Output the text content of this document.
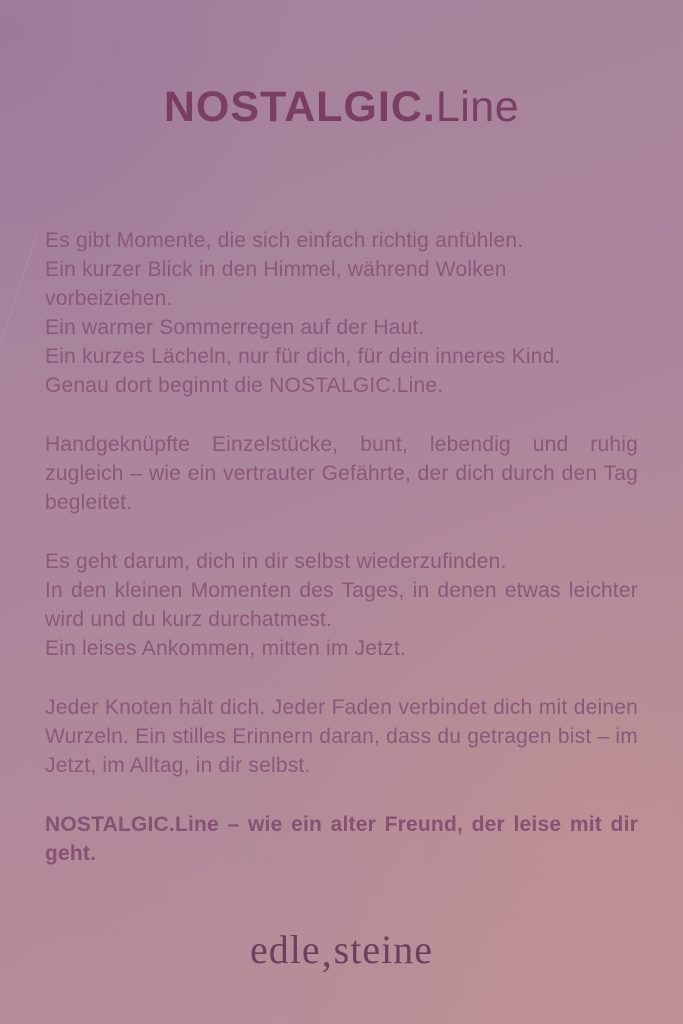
NOSTALGIC.Line

Es gibt Momente, die sich einfach richtig anfühlen.
Ein kurzer Blick in den Himmel, während Wolken vorbeiziehen.
Ein warmer Sommerregen auf der Haut.
Ein kurzes Lächeln, nur für dich, für dein inneres Kind.
Genau dort beginnt die NOSTALGIC.Line.

Handgeknüpfte Einzelstücke, bunt, lebendig und ruhig zugleich – wie ein vertrauter Gefährte, der dich durch den Tag begleitet.

Es geht darum, dich in dir selbst wiederzufinden.
In den kleinen Momenten des Tages, in denen etwas leichter wird und du kurz durchatmest.
Ein leises Ankommen, mitten im Jetzt.

Jeder Knoten hält dich. Jeder Faden verbindet dich mit deinen Wurzeln. Ein stilles Erinnern daran, dass du getragen bist – im Jetzt, im Alltag, in dir selbst.

NOSTALGIC.Line – wie ein alter Freund, der leise mit dir geht.

edle,steine
